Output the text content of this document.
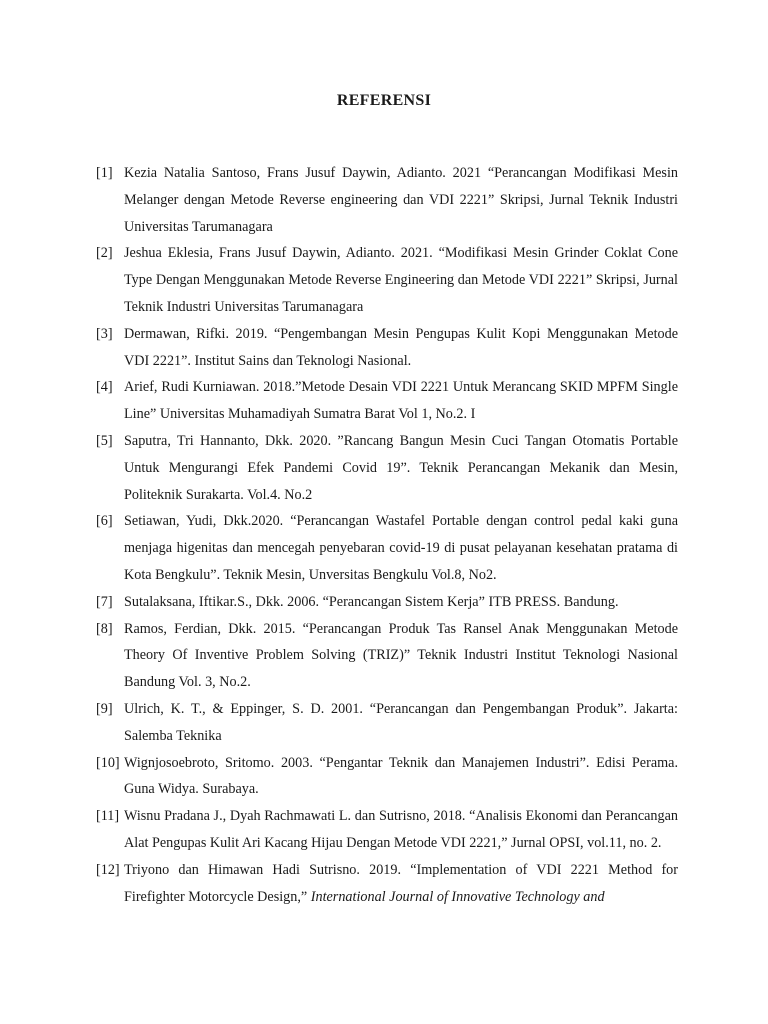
REFERENSI
[1] Kezia Natalia Santoso, Frans Jusuf Daywin, Adianto. 2021 “Perancangan Modifikasi Mesin Melanger dengan Metode Reverse engineering dan VDI 2221” Skripsi, Jurnal Teknik Industri Universitas Tarumanagara
[2] Jeshua Eklesia, Frans Jusuf Daywin, Adianto. 2021. “Modifikasi Mesin Grinder Coklat Cone Type Dengan Menggunakan Metode Reverse Engineering dan Metode VDI 2221” Skripsi, Jurnal Teknik Industri Universitas Tarumanagara
[3] Dermawan, Rifki. 2019. “Pengembangan Mesin Pengupas Kulit Kopi Menggunakan Metode VDI 2221”. Institut Sains dan Teknologi Nasional.
[4] Arief, Rudi Kurniawan. 2018.”Metode Desain VDI 2221 Untuk Merancang SKID MPFM Single Line” Universitas Muhamadiyah Sumatra Barat Vol 1, No.2. I
[5] Saputra, Tri Hannanto, Dkk. 2020. ”Rancang Bangun Mesin Cuci Tangan Otomatis Portable Untuk Mengurangi Efek Pandemi Covid 19”. Teknik Perancangan Mekanik dan Mesin, Politeknik Surakarta. Vol.4. No.2
[6] Setiawan, Yudi, Dkk.2020. “Perancangan Wastafel Portable dengan control pedal kaki guna menjaga higenitas dan mencegah penyebaran covid-19 di pusat pelayanan kesehatan pratama di Kota Bengkulu”. Teknik Mesin, Unversitas Bengkulu Vol.8, No2.
[7] Sutalaksana, Iftikar.S., Dkk. 2006. “Perancangan Sistem Kerja” ITB PRESS. Bandung.
[8] Ramos, Ferdian, Dkk. 2015. “Perancangan Produk Tas Ransel Anak Menggunakan Metode Theory Of Inventive Problem Solving (TRIZ)” Teknik Industri Institut Teknologi Nasional Bandung Vol. 3, No.2.
[9] Ulrich, K. T., & Eppinger, S. D. 2001. “Perancangan dan Pengembangan Produk”. Jakarta: Salemba Teknika
[10] Wignjosoebroto, Sritomo. 2003. “Pengantar Teknik dan Manajemen Industri”. Edisi Perama. Guna Widya. Surabaya.
[11] Wisnu Pradana J., Dyah Rachmawati L. dan Sutrisno, 2018. “Analisis Ekonomi dan Perancangan Alat Pengupas Kulit Ari Kacang Hijau Dengan Metode VDI 2221,” Jurnal OPSI, vol.11, no. 2.
[12] Triyono dan Himawan Hadi Sutrisno. 2019. “Implementation of VDI 2221 Method for Firefighter Motorcycle Design,” International Journal of Innovative Technology and
